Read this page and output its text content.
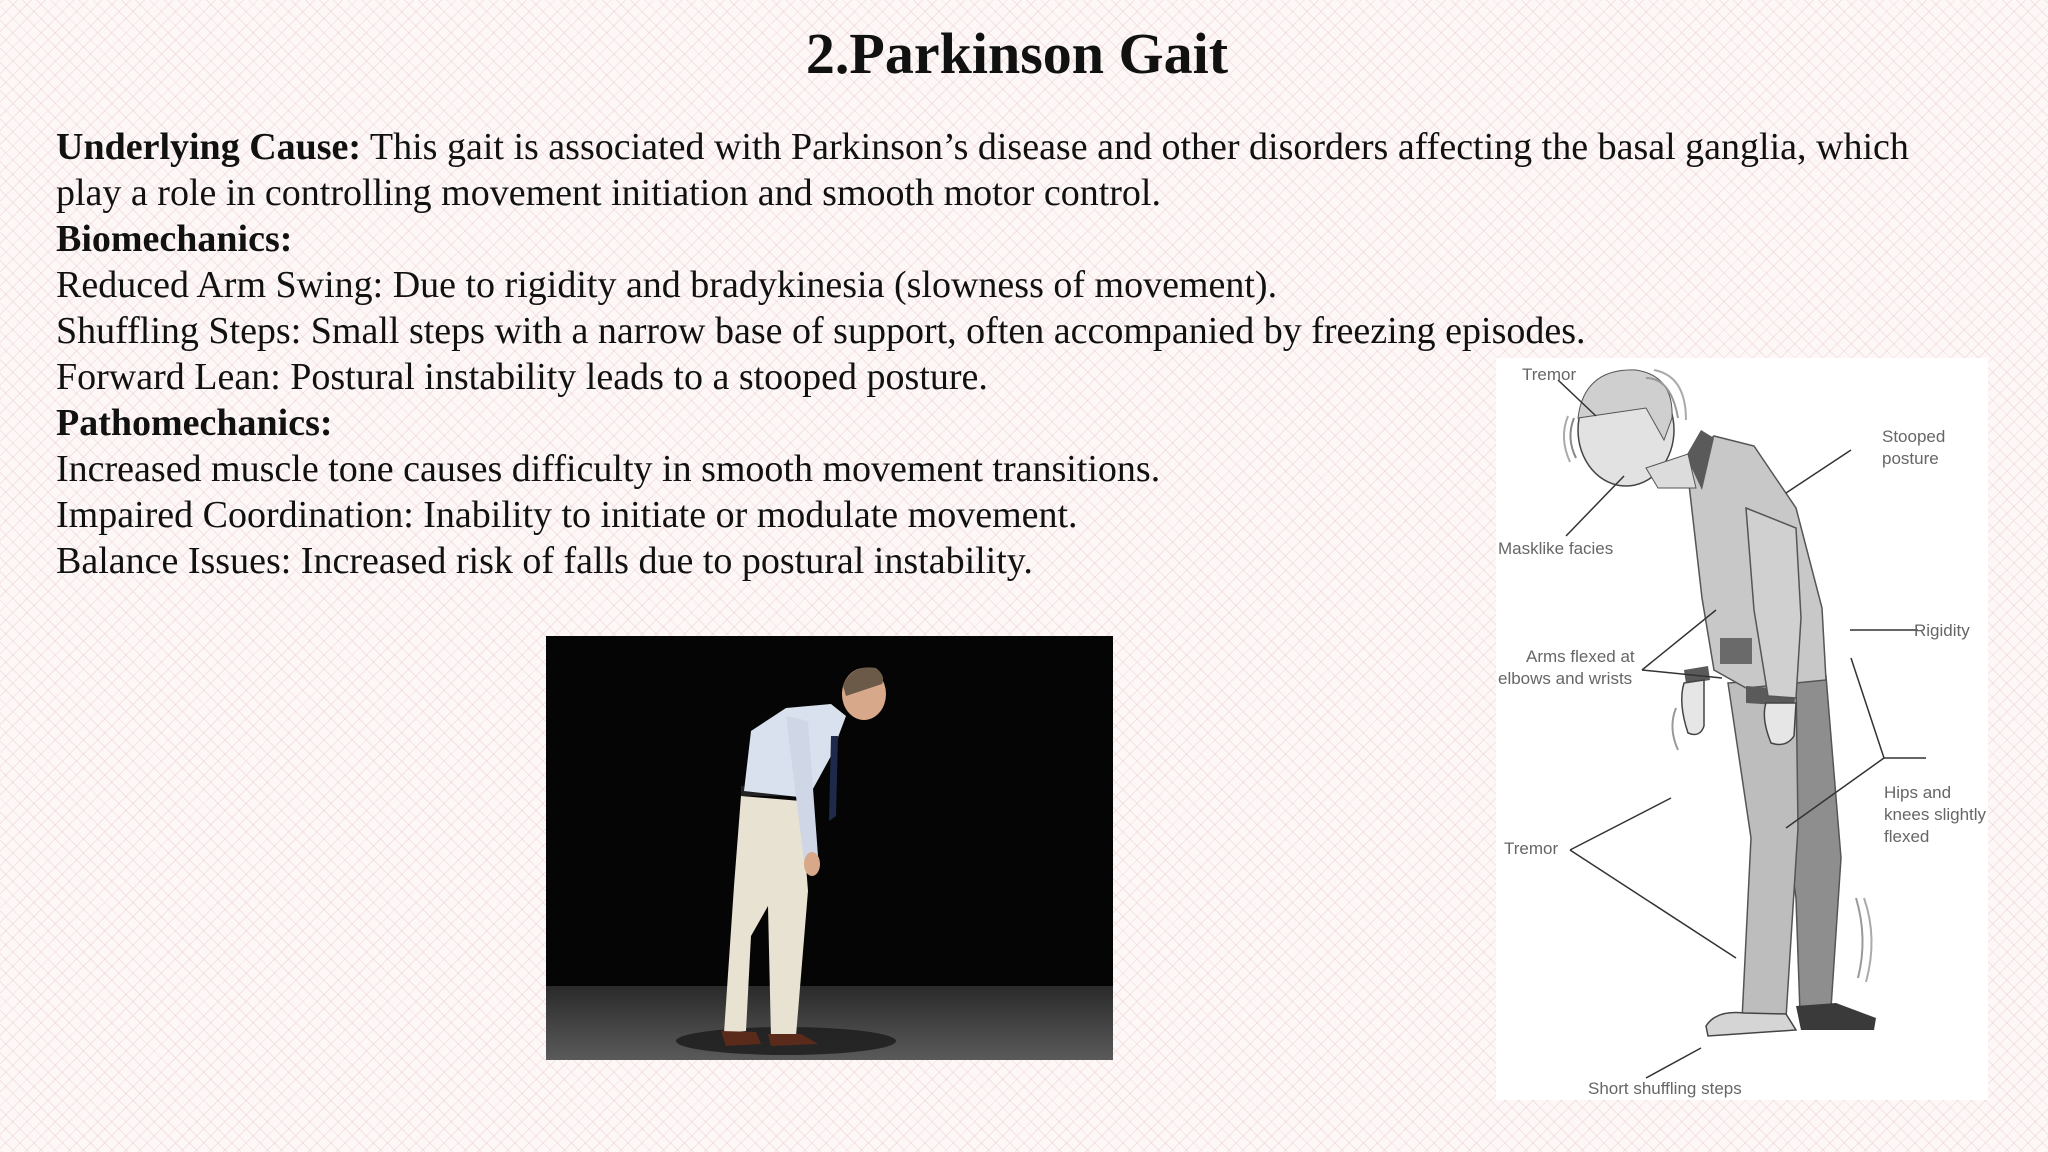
2.Parkinson Gait

Underlying Cause: This gait is associated with Parkinson’s disease and other disorders affecting the basal ganglia, which play a role in controlling movement initiation and smooth motor control.

Biomechanics:

Reduced Arm Swing: Due to rigidity and bradykinesia (slowness of movement).

Shuffling Steps: Small steps with a narrow base of support, often accompanied by freezing episodes.

Forward Lean: Postural instability leads to a stooped posture.

Pathomechanics:

Increased muscle tone causes difficulty in smooth movement transitions.

Impaired Coordination: Inability to initiate or modulate movement.

Balance Issues: Increased risk of falls due to postural instability.

Tremor
Stooped
posture
Masklike facies
Rigidity
Arms flexed at
elbows and wrists
Hips and
knees slightly
flexed
Tremor
Short shuffling steps
